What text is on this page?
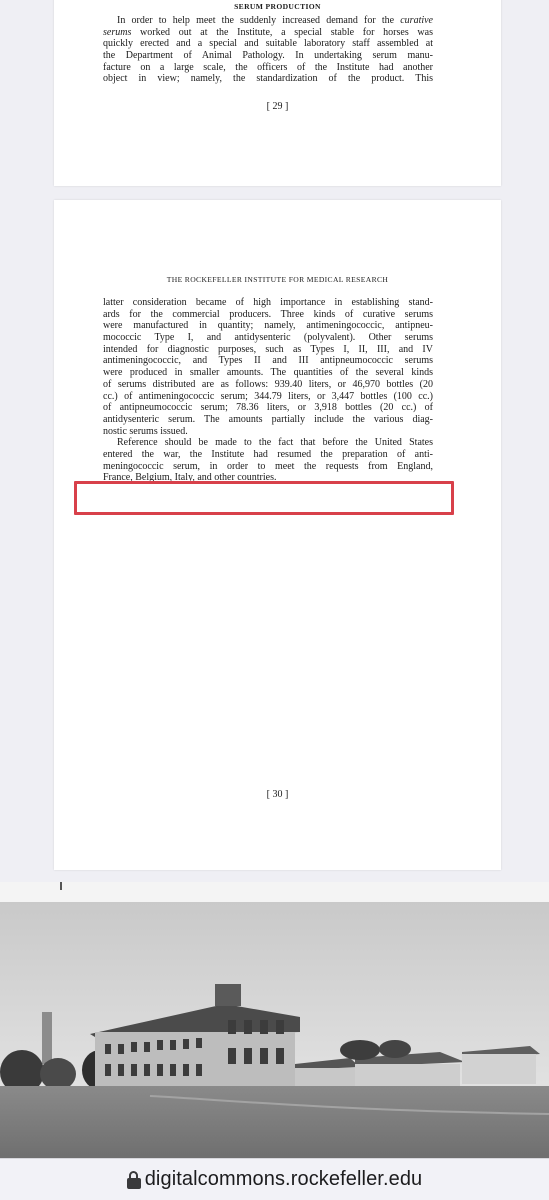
SERUM PRODUCTION
In order to help meet the suddenly increased demand for the curative
serums worked out at the Institute, a special stable for horses was
quickly erected and a special and suitable laboratory staff assembled at
the Department of Animal Pathology. In undertaking serum manu-
facture on a large scale, the officers of the Institute had another
object in view; namely, the standardization of the product. This
[ 29 ]
THE ROCKEFELLER INSTITUTE FOR MEDICAL RESEARCH
latter consideration became of high importance in establishing stand-
ards for the commercial producers. Three kinds of curative serums
were manufactured in quantity; namely, antimeningococcic, antipneu-
mococcic Type I, and antidysenteric (polyvalent). Other serums
intended for diagnostic purposes, such as Types I, II, III, and IV
antimeningococcic, and Types II and III antipneumococcic serums
were produced in smaller amounts. The quantities of the several kinds
of serums distributed are as follows: 939.40 liters, or 46,970 bottles (20
cc.) of antimeningococcic serum; 344.79 liters, or 3,447 bottles (100 cc.)
of antipneumococcic serum; 78.36 liters, or 3,918 bottles (20 cc.) of
antidysenteric serum. The amounts partially include the various diag-
nostic serums issued.
Reference should be made to the fact that before the United States
entered the war, the Institute had resumed the preparation of anti-
meningococcic serum, in order to meet the requests from England,
France, Belgium, Italy, and other countries.
[ 30 ]
digitalcommons.rockefeller.edu
